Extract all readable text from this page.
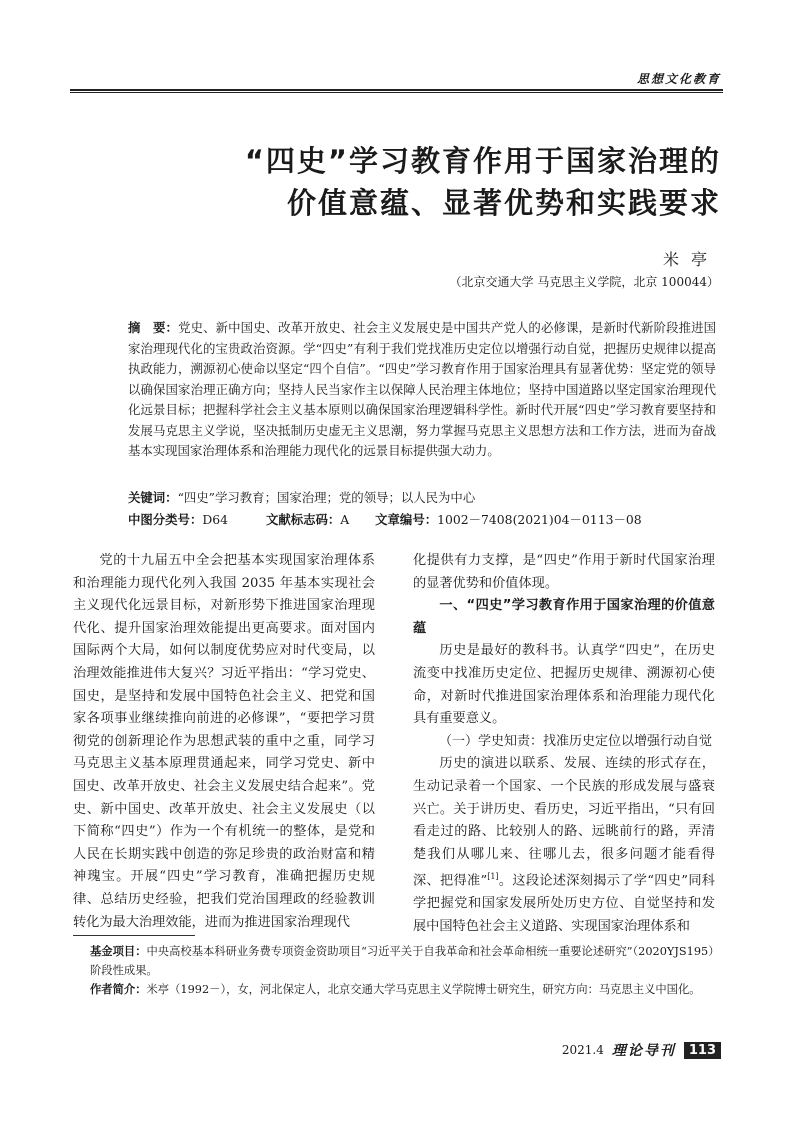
思想文化教育
“四史”学习教育作用于国家治理的
价值意蕴、显著优势和实践要求
米亭
（北京交通大学 马克思主义学院，北京 100044）
摘　要：党史、新中国史、改革开放史、社会主义发展史是中国共产党人的必修课，是新时代新阶段推进国家治理现代化的宝贵政治资源。学“四史”有利于我们党找准历史定位以增强行动自觉，把握历史规律以提高执政能力，溯源初心使命以坚定“四个自信”。“四史”学习教育作用于国家治理具有显著优势：坚定党的领导以确保国家治理正确方向；坚持人民当家作主以保障人民治理主体地位；坚持中国道路以坚定国家治理现代化远景目标；把握科学社会主义基本原则以确保国家治理逻辑科学性。新时代开展“四史”学习教育要坚持和发展马克思主义学说，坚决抵制历史虚无主义思潮，努力掌握马克思主义思想方法和工作方法，进而为奋战基本实现国家治理体系和治理能力现代化的远景目标提供强大动力。
关键词：“四史”学习教育；国家治理；党的领导；以人民为中心
中图分类号：D64	文献标志码：A 文章编号：1002－7408(2021)04－0113－08

党的十九届五中全会把基本实现国家治理体系和治理能力现代化列入我国 2035 年基本实现社会主义现代化远景目标，对新形势下推进国家治理现代化、提升国家治理效能提出更高要求。面对国内国际两个大局，如何以制度优势应对时代变局，以治理效能推进伟大复兴？习近平指出：“学习党史、国史，是坚持和发展中国特色社会主义、把党和国家各项事业继续推向前进的必修课”，“要把学习贯彻党的创新理论作为思想武装的重中之重，同学习马克思主义基本原理贯通起来，同学习党史、新中国史、改革开放史、社会主义发展史结合起来”。党史、新中国史、改革开放史、社会主义发展史（以下简称“四史”）作为一个有机统一的整体，是党和人民在长期实践中创造的弥足珍贵的政治财富和精神瑰宝。开展“四史”学习教育，准确把握历史规律、总结历史经验，把我们党治国理政的经验教训转化为最大治理效能，进而为推进国家治理现代

化提供有力支撑，是“四史”作用于新时代国家治理的显著优势和价值体现。

一、“四史”学习教育作用于国家治理的价值意蕴

历史是最好的教科书。认真学“四史”，在历史流变中找准历史定位、把握历史规律、溯源初心使命，对新时代推进国家治理体系和治理能力现代化具有重要意义。

（一）学史知责：找准历史定位以增强行动自觉

历史的演进以联系、发展、连续的形式存在，生动记录着一个国家、一个民族的形成发展与盛衰兴亡。关于讲历史、看历史，习近平指出，“只有回看走过的路、比较别人的路、远眺前行的路，弄清楚我们从哪儿来、往哪儿去，很多问题才能看得深、把得准”[1]。这段论述深刻揭示了学“四史”同科学把握党和国家发展所处历史方位、自觉坚持和发展中国特色社会主义道路、实现国家治理体系和

基金项目：中央高校基本科研业务费专项资金资助项目“习近平关于自我革命和社会革命相统一重要论述研究”（2020YJS195）阶段性成果。
作者简介：米亭（1992－），女，河北保定人，北京交通大学马克思主义学院博士研究生，研究方向：马克思主义中国化。
2021.4 理论导刊	113
